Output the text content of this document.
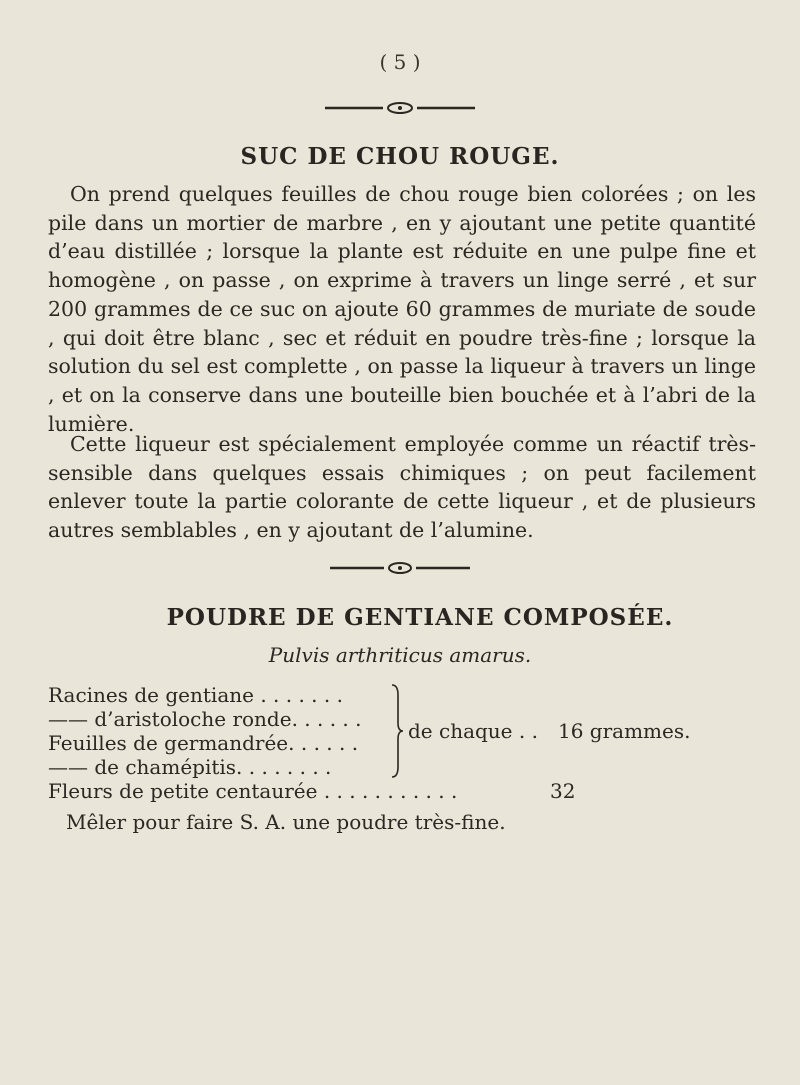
( 5 )
SUC DE CHOU ROUGE.

On prend quelques feuilles de chou rouge bien colorées ; on les pile dans un mortier de marbre , en y ajoutant une petite quantité d’eau distillée ; lorsque la plante est réduite en une pulpe fine et homogène , on passe , on exprime à travers un linge serré , et sur 200 grammes de ce suc on ajoute 60 grammes de muriate de soude , qui doit être blanc , sec et réduit en poudre très-fine ; lorsque la solution du sel est complette , on passe la liqueur à travers un linge , et on la conserve dans une bouteille bien bouchée et à l’abri de la lumière.

Cette liqueur est spécialement employée comme un réactif très-sensible dans quelques essais chimiques ; on peut facilement enlever toute la partie colorante de cette liqueur , et de plusieurs autres semblables , en y ajoutant de l’alumine.

POUDRE DE GENTIANE COMPOSÉE.
Pulvis arthriticus amarus.
Racines de gentiane . . . . . . .
—— d’aristoloche ronde. . . . . .
Feuilles de germandrée. . . . . .
—— de chamépitis. . . . . . . .
Fleurs de petite centaurée . . . . . . . . . . .
de chaque . . 16 grammes.
32
Mêler pour faire S. A. une poudre très-fine.
